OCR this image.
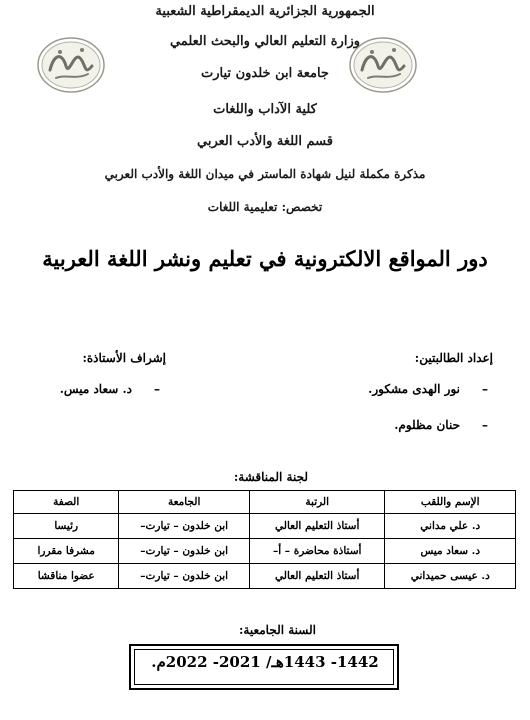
الجمهورية الجزائرية الديمقراطية الشعبية
وزارة التعليم العالي والبحث العلمي
جامعة ابن خلدون تيارت
كلية الآداب واللغات
قسم اللغة والأدب العربي
مذكرة مكملة لنيل شهادة الماستر في ميدان اللغة والأدب العربي
تخصص: تعليمية اللغات
دور المواقع الالكترونية في تعليم ونشر اللغة العربية
إعداد الطالبتين:
إشراف الأستاذة:
–
نور الهدى مشكور.
–
حنان مظلوم.
–
د. سعاد ميس.
لجنة المناقشة:
الإسم واللقب	الرتبة	الجامعة	الصفة
د. علي مداني	أستاذ التعليم العالي	ابن خلدون – تيارت–	رئيسا
د. سعاد ميس	أستاذة محاضرة – أ–	ابن خلدون – تيارت–	مشرفا مقررا
د. عيسى حميداني	أستاذ التعليم العالي	ابن خلدون – تيارت–	عضوا مناقشا
السنة الجامعية:
1442- 1443هـ/ 2021- 2022م.
